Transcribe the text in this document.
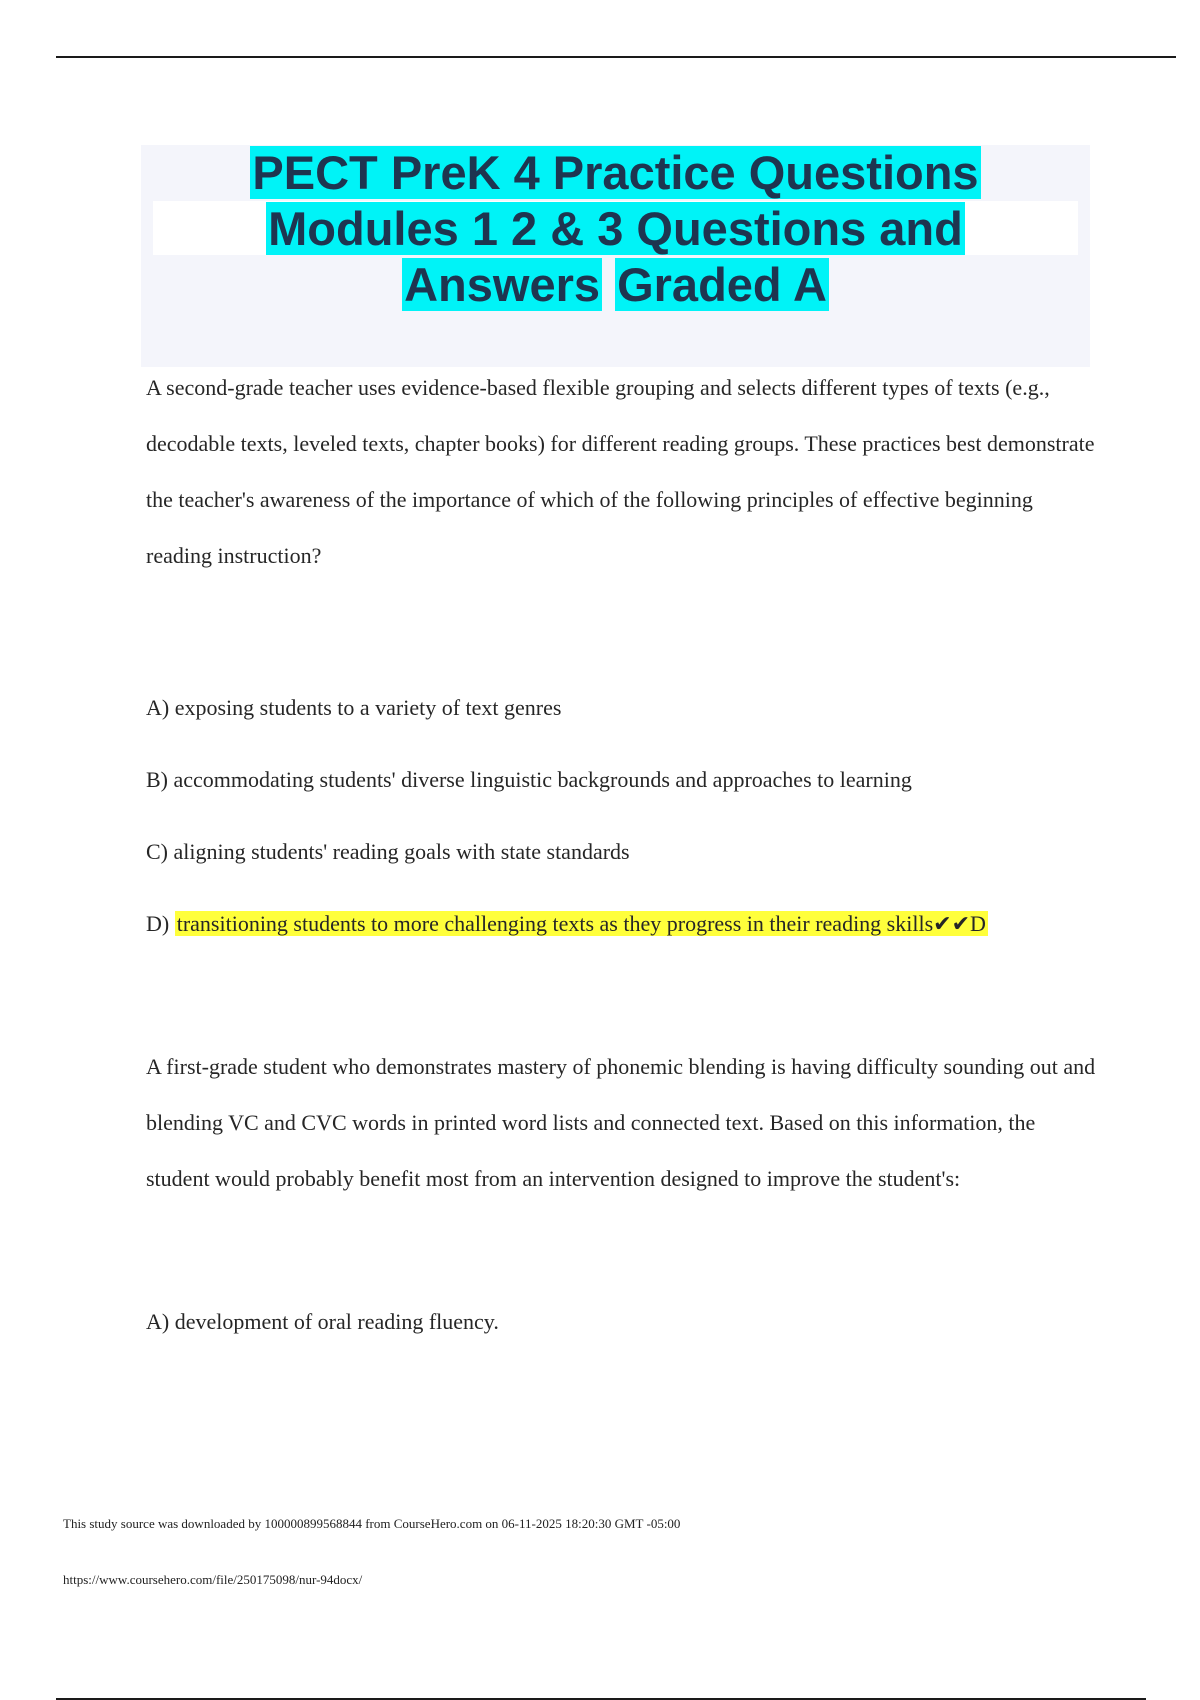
PECT PreK 4 Practice Questions
Modules 1 2 & 3 Questions and
Answers Graded A

A second-grade teacher uses evidence-based flexible grouping and selects different types of texts (e.g., decodable texts, leveled texts, chapter books) for different reading groups. These practices best demonstrate the teacher's awareness of the importance of which of the following principles of effective beginning reading instruction?

A) exposing students to a variety of text genres
B) accommodating students' diverse linguistic backgrounds and approaches to learning
C) aligning students' reading goals with state standards
D) transitioning students to more challenging texts as they progress in their reading skills✔✔D

A first-grade student who demonstrates mastery of phonemic blending is having difficulty sounding out and blending VC and CVC words in printed word lists and connected text. Based on this information, the student would probably benefit most from an intervention designed to improve the student's:

A) development of oral reading fluency.
This study source was downloaded by 100000899568844 from CourseHero.com on 06-11-2025 18:20:30 GMT -05:00
https://www.coursehero.com/file/250175098/nur-94docx/
